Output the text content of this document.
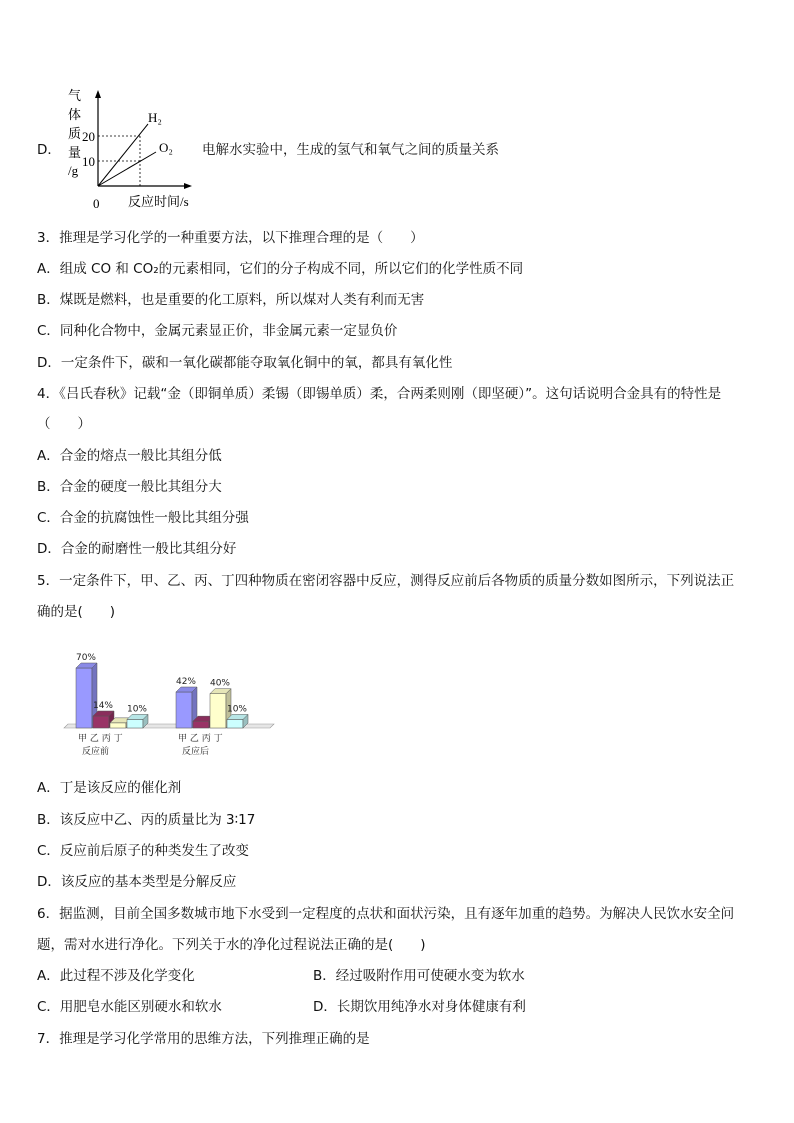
D．
气
体
质
量
/g
20
10
0
H₂
O₂
反应时间/s
电解水实验中，生成的氢气和氧气之间的质量关系
3．推理是学习化学的一种重要方法，以下推理合理的是（　　）
A．组成 CO 和 CO₂的元素相同，它们的分子构成不同，所以它们的化学性质不同
B．煤既是燃料，也是重要的化工原料，所以煤对人类有利而无害
C．同种化合物中，金属元素显正价，非金属元素一定显负价
D．一定条件下，碳和一氧化碳都能夺取氧化铜中的氧，都具有氧化性
4．《吕氏春秋》记载“金（即铜单质）柔锡（即锡单质）柔，合两柔则刚（即坚硬）”。这句话说明合金具有的特性是
（　　）
A．合金的熔点一般比其组分低
B．合金的硬度一般比其组分大
C．合金的抗腐蚀性一般比其组分强
D．合金的耐磨性一般比其组分好
5．一定条件下，甲、乙、丙、丁四种物质在密闭容器中反应，测得反应前后各物质的质量分数如图所示，下列说法正
确的是(　　)
70%
14% 10%
甲 乙 丙 丁
反应前
42% 40%
10%
甲 乙 丙 丁
反应后
A．丁是该反应的催化剂
B．该反应中乙、丙的质量比为 3∶17
C．反应前后原子的种类发生了改变
D．该反应的基本类型是分解反应
6．据监测，目前全国多数城市地下水受到一定程度的点状和面状污染，且有逐年加重的趋势。为解决人民饮水安全问
题，需对水进行净化。下列关于水的净化过程说法正确的是(　　)
A．此过程不涉及化学变化	B．经过吸附作用可使硬水变为软水
C．用肥皂水能区别硬水和软水	D．长期饮用纯净水对身体健康有利
7．推理是学习化学常用的思维方法，下列推理正确的是
